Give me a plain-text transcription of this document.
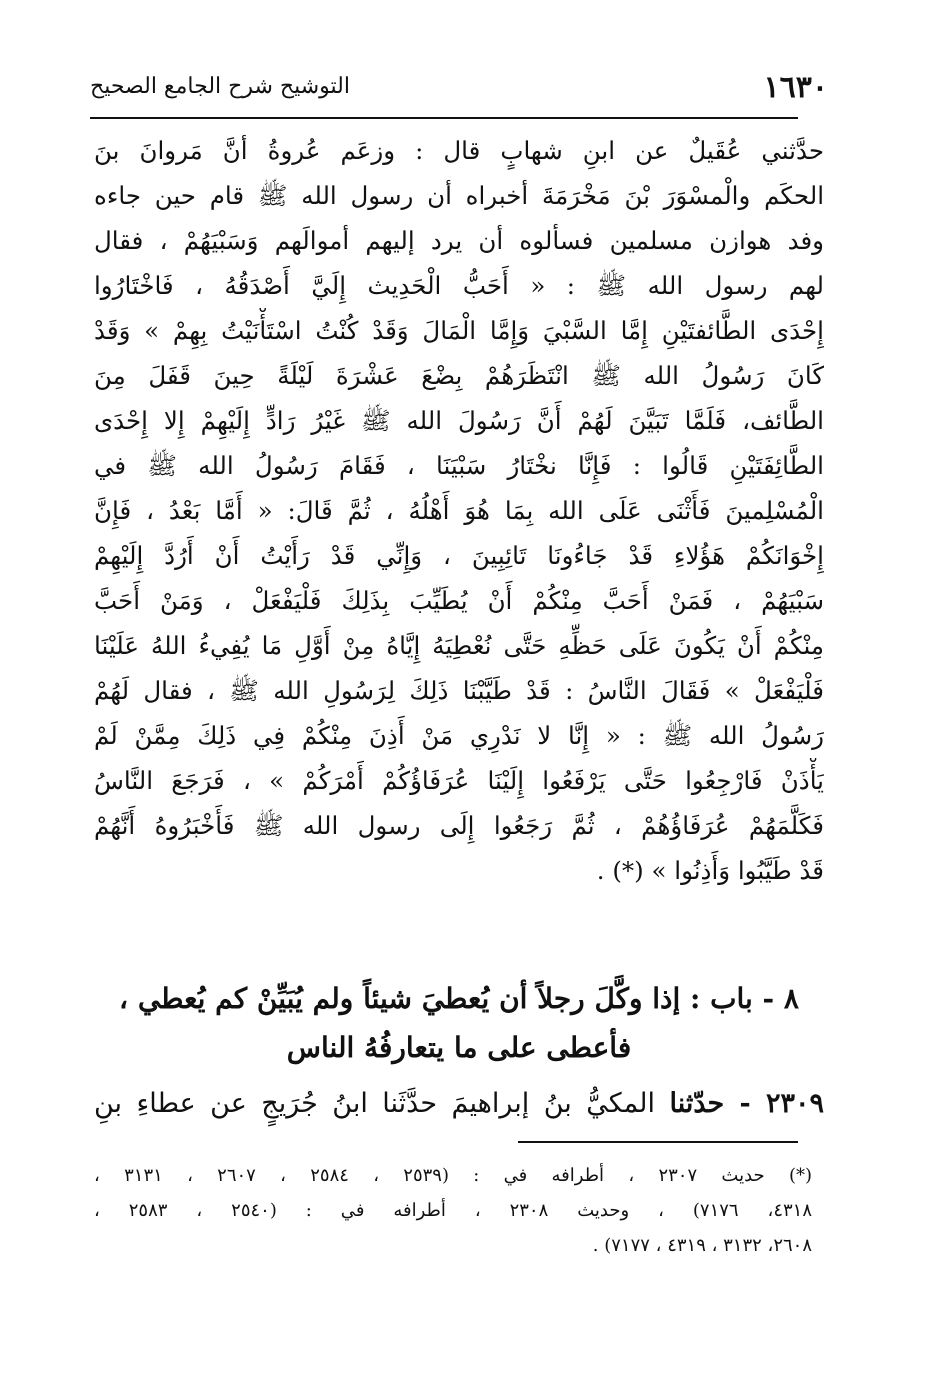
١٦٣٠
التوشيح شرح الجامع الصحيح
حدَّثني عُقَيلٌ عن ابنِ شهابٍ قال : وزعَم عُروةُ أنَّ مَروانَ بنَ
الحكَم والْمسْوَرَ بْنَ مَخْرَمَةَ أخبراه أن رسول الله ﷺ قام حين جاءه
وفد هوازن مسلمين فسألوه أن يرد إليهم أموالَهم وَسَبْيَهُمْ ، فقال
لهم رسول الله ﷺ : « أَحَبُّ الْحَدِيث إِلَيَّ أَصْدَقُهُ ، فَاخْتَارُوا
إِحْدَى الطَّائفتَيْنِ إِمَّا السَّبْيَ وَإِمَّا الْمَالَ وَقَدْ كُنْتُ اسْتَأْنَيْتُ بِهِمْ » وَقَدْ
كَانَ رَسُولُ الله ﷺ انْتَظَرَهُمْ بِضْعَ عَشْرَةَ لَيْلَةً حِينَ قَفَلَ مِنَ
الطَّائف، فَلَمَّا تَبَيَّنَ لَهُمْ أَنَّ رَسُولَ الله ﷺ غَيْرُ رَادٍّ إِلَيْهِمْ إِلا إِحْدَى
الطَّائِفَتَيْنِ قَالُوا : فَإِنَّا نخْتَارُ سَبْيَنَا ، فَقَامَ رَسُولُ الله ﷺ في
الْمُسْلِمينَ فَأَثْنَى عَلَى الله بِمَا هُوَ أَهْلُهُ ، ثُمَّ قَالَ: « أَمَّا بَعْدُ ، فَإِنَّ
إِخْوَانَكُمْ هَؤُلاءِ قَدْ جَاءُونَا تَائِبِينَ ، وَإِنِّي قَدْ رَأَيْتُ أَنْ أَرُدَّ إِلَيْهِمْ
سَبْيَهُمْ ، فَمَنْ أَحَبَّ مِنْكُمْ أَنْ يُطَيِّبَ بِذَلِكَ فَلْيَفْعَلْ ، وَمَنْ أَحَبَّ
مِنْكُمْ أَنْ يَكُونَ عَلَى حَظِّهِ حَتَّى نُعْطِيَهُ إِيَّاهُ مِنْ أَوَّلِ مَا يُفِيءُ اللهُ عَلَيْنَا
فَلْيَفْعَلْ » فَقَالَ النَّاسُ : قَدْ طَيَّبْنَا ذَلِكَ لِرَسُولِ الله ﷺ ، فقال لَهُمْ
رَسُولُ الله ﷺ : « إِنَّا لا نَدْرِي مَنْ أَذِنَ مِنْكُمْ فِي ذَلِكَ مِمَّنْ لَمْ
يَأْذَنْ فَارْجِعُوا حَتَّى يَرْفَعُوا إِلَيْنَا عُرَفَاؤُكُمْ أَمْرَكُمْ » ، فَرَجَعَ النَّاسُ
فَكَلَّمَهُمْ عُرَفَاؤُهُمْ ، ثُمَّ رَجَعُوا إِلَى رسول الله ﷺ فَأَخْبَرُوهُ أَنَّهُمْ
قَدْ طَيَّبُوا وَأَذِنُوا » (*) .
٨ - باب : إذا وكَّلَ رجلاً أن يُعطيَ شيئاً ولم يُبَيِّنْ كم يُعطي ،
فأعطى على ما يتعارفُهُ الناس
٢٣٠٩ - حدّثنا المكيُّ بنُ إبراهيمَ حدَّثَنا ابنُ جُرَيجٍ عن عطاءِ بنِ
(*) حديث ٢٣٠٧ ، أطرافه في : (٢٥٣٩ ، ٢٥٨٤ ، ٢٦٠٧ ، ٣١٣١ ،
٤٣١٨، ٧١٧٦) ، وحديث ٢٣٠٨ ، أطرافه في : (٢٥٤٠ ، ٢٥٨٣ ،
٢٦٠٨، ٣١٣٢ ، ٤٣١٩ ، ٧١٧٧) .
